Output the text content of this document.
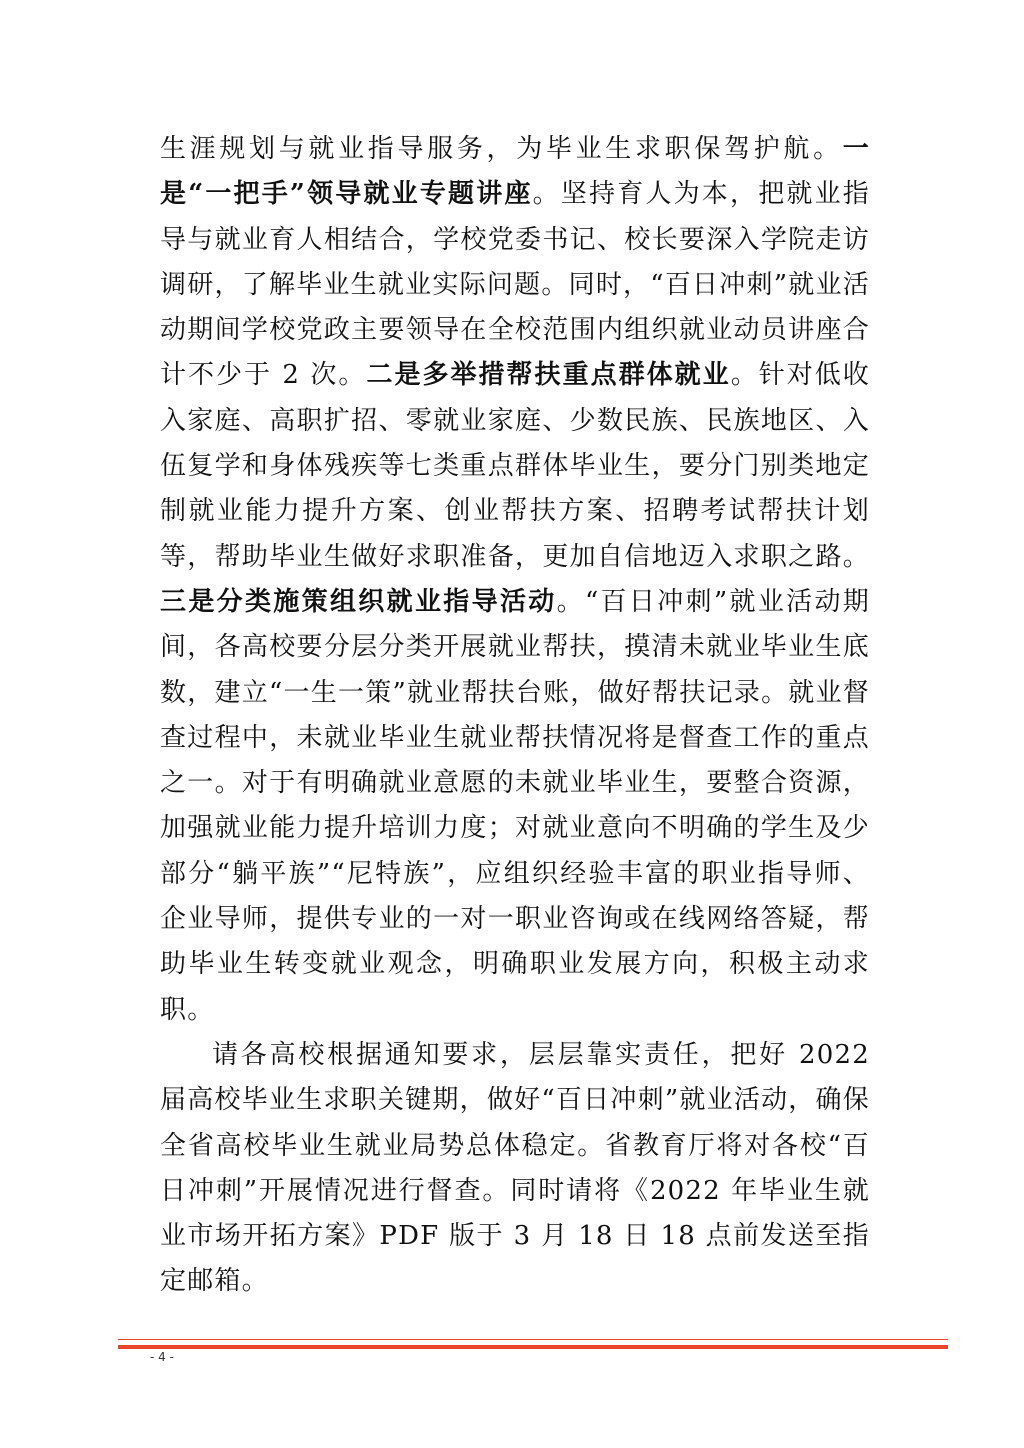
生涯规划与就业指导服务，为毕业生求职保驾护航。一是“一把手”领导就业专题讲座。坚持育人为本，把就业指导与就业育人相结合，学校党委书记、校长要深入学院走访调研，了解毕业生就业实际问题。同时，“百日冲刺”就业活动期间学校党政主要领导在全校范围内组织就业动员讲座合计不少于 2 次。二是多举措帮扶重点群体就业。针对低收入家庭、高职扩招、零就业家庭、少数民族、民族地区、入伍复学和身体残疾等七类重点群体毕业生，要分门别类地定制就业能力提升方案、创业帮扶方案、招聘考试帮扶计划等，帮助毕业生做好求职准备，更加自信地迈入求职之路。三是分类施策组织就业指导活动。“百日冲刺”就业活动期间，各高校要分层分类开展就业帮扶，摸清未就业毕业生底数，建立“一生一策”就业帮扶台账，做好帮扶记录。就业督查过程中，未就业毕业生就业帮扶情况将是督查工作的重点之一。对于有明确就业意愿的未就业毕业生，要整合资源，加强就业能力提升培训力度；对就业意向不明确的学生及少部分“躺平族”“尼特族”，应组织经验丰富的职业指导师、企业导师，提供专业的一对一职业咨询或在线网络答疑，帮助毕业生转变就业观念，明确职业发展方向，积极主动求职。

请各高校根据通知要求，层层靠实责任，把好 2022 届高校毕业生求职关键期，做好“百日冲刺”就业活动，确保全省高校毕业生就业局势总体稳定。省教育厅将对各校“百日冲刺”开展情况进行督查。同时请将《2022 年毕业生就业市场开拓方案》PDF 版于 3 月 18 日 18 点前发送至指定邮箱。

- 4 -
